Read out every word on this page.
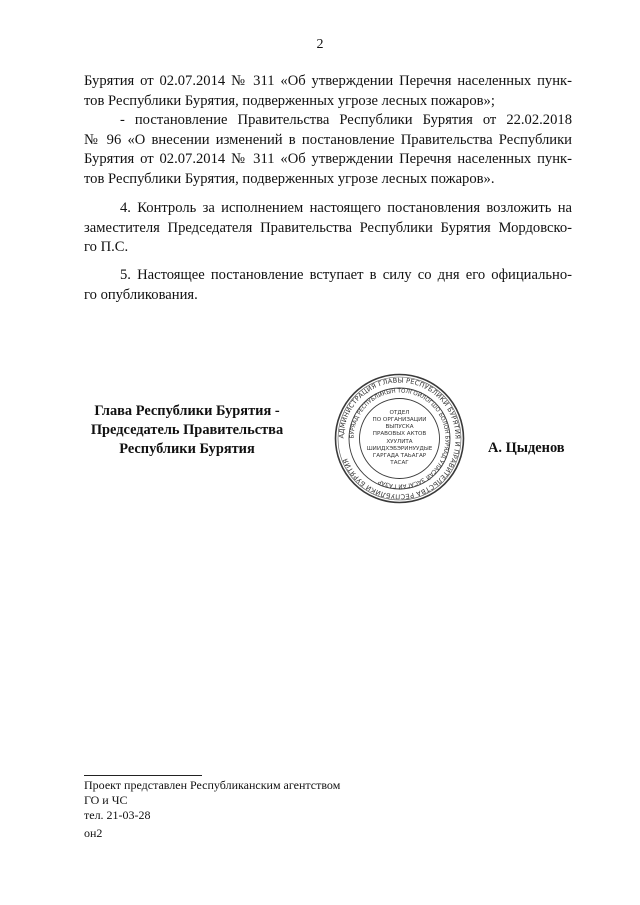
2
Бурятия от 02.07.2014 № 311 «Об утверждении Перечня населенных пунк-
тов Республики Бурятия, подверженных угрозе лесных пожаров»;
- постановление Правительства Республики Бурятия от 22.02.2018
№ 96 «О внесении изменений в постановление Правительства Республики
Бурятия от 02.07.2014 № 311 «Об утверждении Перечня населенных пунк-
тов Республики Бурятия, подверженных угрозе лесных пожаров».
4. Контроль за исполнением настоящего постановления возложить на
заместителя Председателя Правительства Республики Бурятия Мордовско-
го П.С.
5. Настоящее постановление вступает в силу со дня его официально-
го опубликования.
Глава Республики Бурятия -
Председатель Правительства
Республики Бурятия
АДМИНИСТРАЦИЯ ГЛАВЫ РЕСПУБЛИКИ БУРЯТИЯ И ПРАВИТЕЛЬСТВА РЕСПУБЛИКИ БУРЯТИЯ
БУРЯАД РЕСПУБЛИКЫН ТОЛГОЙЛОГШО БОЛОН БУРЯАД УЛАСАЙ ЗАСАГАЙ ГАЗАР
ОТДЕЛ
ПО ОРГАНИЗАЦИИ
ВЫПУСКА
ПРАВОВЫХ АКТОВ
ХУУЛИТА
ШИИДХЭБЭРИНУУДЫЕ
ГАРГАДА ТАЬАГАР
ТАСАГ
А. Цыденов
Проект представлен Республиканским агентством
ГО и ЧС
тел. 21-03-28
он2
